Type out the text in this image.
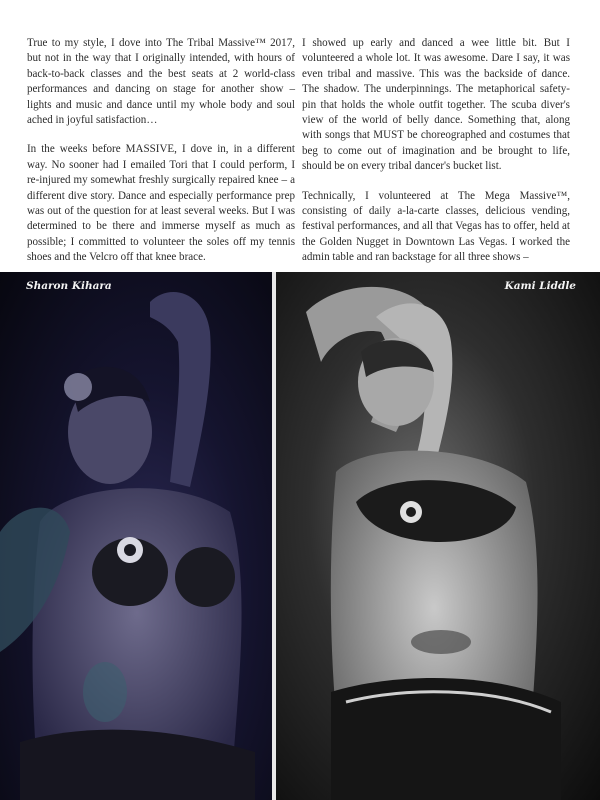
True to my style, I dove into The Tribal Massive™ 2017, but not in the way that I originally intended, with hours of back-to-back classes and the best seats at 2 world-class performances and dancing on stage for another show – lights and music and dance until my whole body and soul ached in joyful satisfaction…

In the weeks before MASSIVE, I dove in, in a different way. No sooner had I emailed Tori that I could perform, I re-injured my somewhat freshly surgically repaired knee – a different dive story. Dance and especially performance prep was out of the question for at least several weeks. But I was determined to be there and immerse myself as much as possible; I committed to volunteer the soles off my tennis shoes and the Velcro off that knee brace.

I showed up early and danced a wee little bit. But I volunteered a whole lot. It was awesome. Dare I say, it was even tribal and massive. This was the backside of dance. The shadow. The underpinnings. The metaphorical safety-pin that holds the whole outfit together. The scuba diver's view of the world of belly dance. Something that, along with songs that MUST be choreographed and costumes that beg to come out of imagination and be brought to life, should be on every tribal dancer's bucket list.

Technically, I volunteered at The Mega Massive™, consisting of daily a-la-carte classes, delicious vending, festival performances, and all that Vegas has to offer, held at the Golden Nugget in Downtown Las Vegas. I worked the admin table and ran backstage for all three shows –

Sharon Kihara	Kami Liddle
